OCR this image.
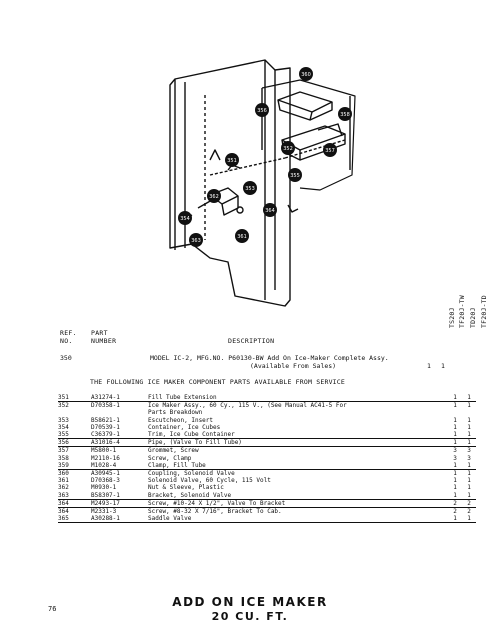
360
358
357
356
352
351
355
353
354
361
362
363
364
TS20J TF20J-TW TD20J TF20J-TD
REF.
NO.
PART
NUMBER	DESCRIPTION
350	MODEL IC-2, MFG.NO. P60130-BW Add On Ice-Maker Complete Assy.
(Available From Sales)	1 1
THE FOLLOWING ICE MAKER COMPONENT PARTS AVAILABLE FROM SERVICE
351	A31274-1	Fill Tube Extension	1	1
352	D70358-1	Ice Maker Assy., 60 Cy., 115 V., (See Manual AC41-5 For	1	1
		Parts Breakdown		
353	B58621-1	Escutcheon, Insert	1	1
354	D70539-1	Container, Ice Cubes	1	1
355	C36379-1	Trim, Ice Cube Container	1	1
356	A31016-4	Pipe, (Valve To Fill Tube)	1	1
357	M5800-1	Grommet, Screw	3	3
358	M2110-16	Screw, Clamp	3	3
359	M1028-4	Clamp, Fill Tube	1	1
360	A30945-1	Coupling, Solenoid Valve	1	1
361	D70368-3	Solenoid Valve, 60 Cycle, 115 Volt	1	1
362	M0930-1	Nut & Sleeve, Plastic	1	1
363	B58307-1	Bracket, Solenoid Valve	1	1
364	M2493-17	Screw, #10-24 X 1/2", Valve To Bracket	2	2
364	M2331-3	Screw, #8-32 X 7/16", Bracket To Cab.	2	2
365	A30288-1	Saddle Valve	1	1
76	ADD ON ICE MAKER
20 CU. FT.
